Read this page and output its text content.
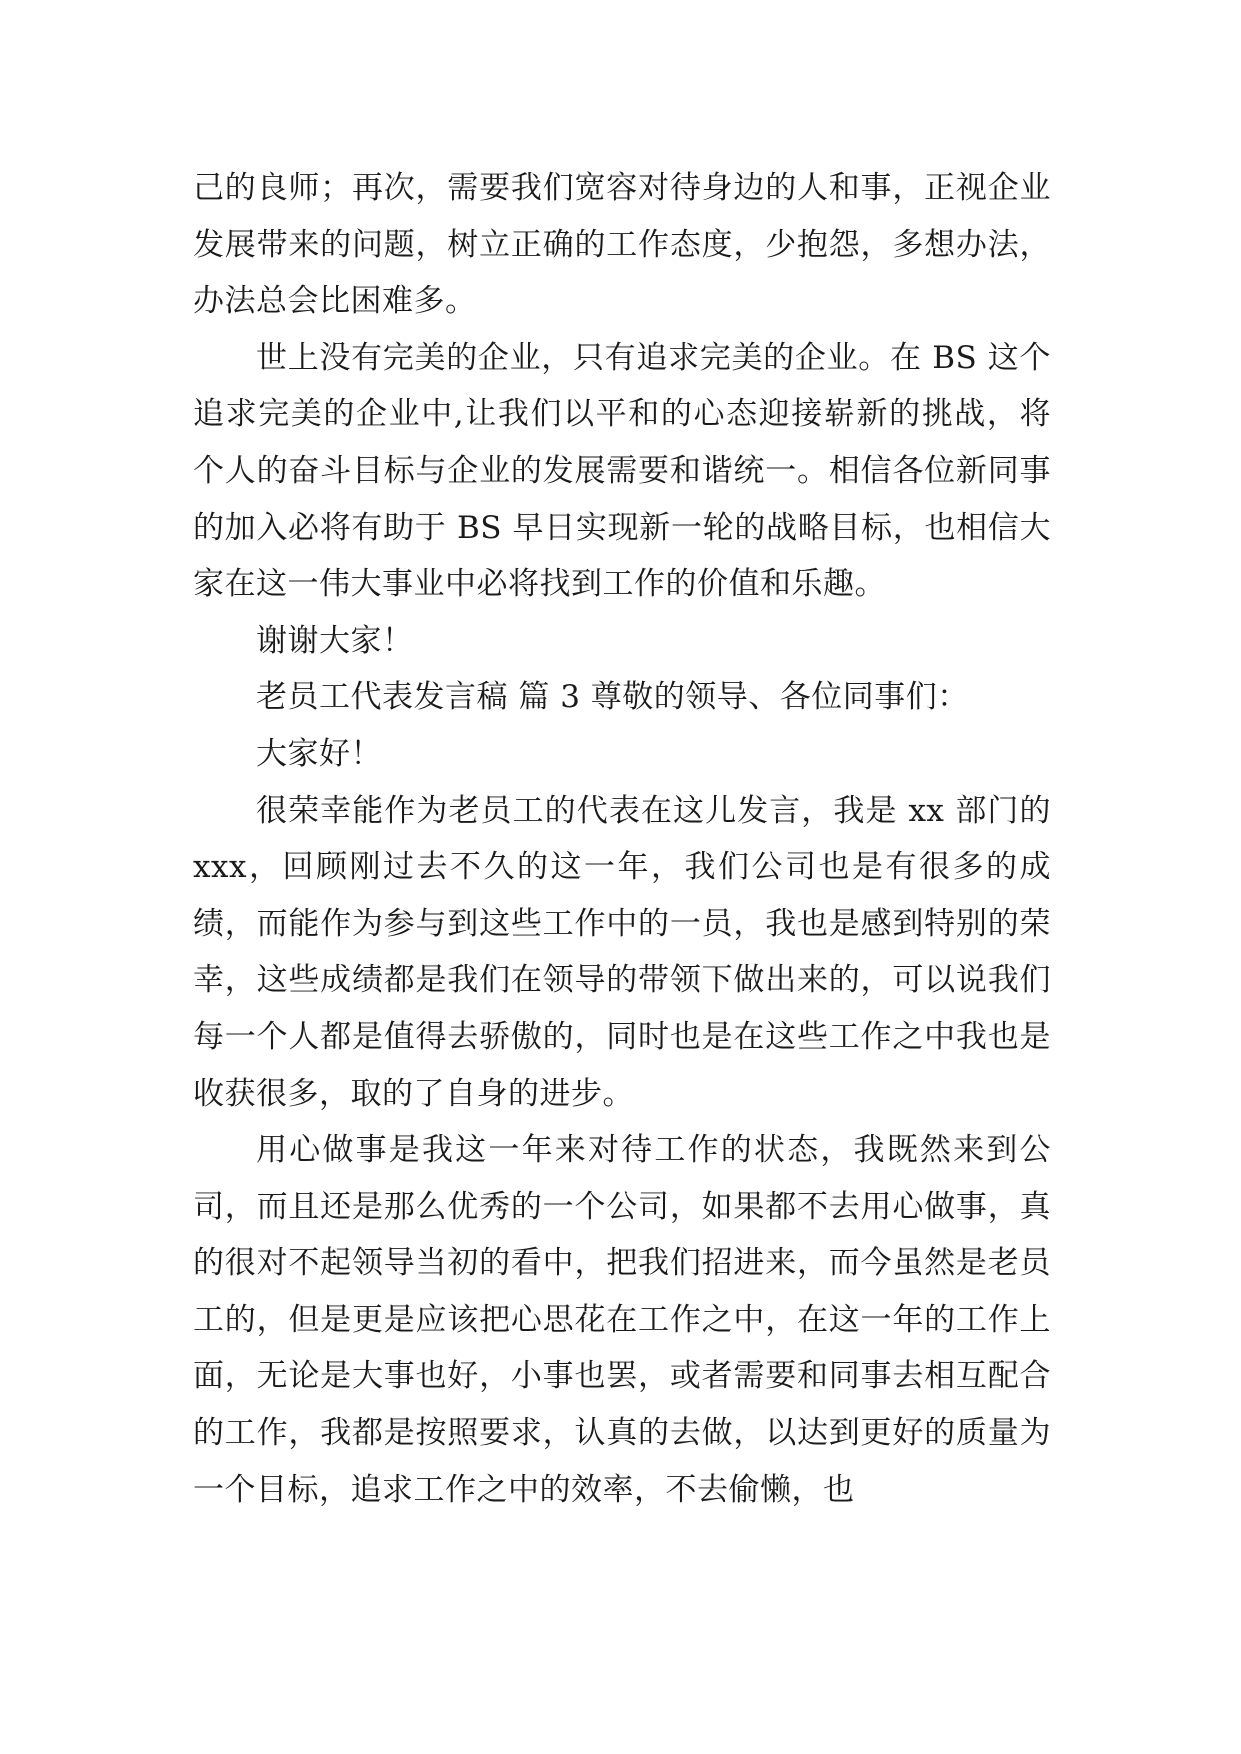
己的良师；再次，需要我们宽容对待身边的人和事，正视企业发展带来的问题，树立正确的工作态度，少抱怨，多想办法，办法总会比困难多。

世上没有完美的企业，只有追求完美的企业。在 BS 这个追求完美的企业中,让我们以平和的心态迎接崭新的挑战，将个人的奋斗目标与企业的发展需要和谐统一。相信各位新同事的加入必将有助于 BS 早日实现新一轮的战略目标，也相信大家在这一伟大事业中必将找到工作的价值和乐趣。

谢谢大家！

老员工代表发言稿 篇 3 尊敬的领导、各位同事们：

大家好！

很荣幸能作为老员工的代表在这儿发言，我是 xx 部门的 xxx，回顾刚过去不久的这一年，我们公司也是有很多的成绩，而能作为参与到这些工作中的一员，我也是感到特别的荣幸，这些成绩都是我们在领导的带领下做出来的，可以说我们每一个人都是值得去骄傲的，同时也是在这些工作之中我也是收获很多，取的了自身的进步。

用心做事是我这一年来对待工作的状态，我既然来到公司，而且还是那么优秀的一个公司，如果都不去用心做事，真的很对不起领导当初的看中，把我们招进来，而今虽然是老员工的，但是更是应该把心思花在工作之中，在这一年的工作上面，无论是大事也好，小事也罢，或者需要和同事去相互配合的工作，我都是按照要求，认真的去做，以达到更好的质量为一个目标，追求工作之中的效率，不去偷懒，也
